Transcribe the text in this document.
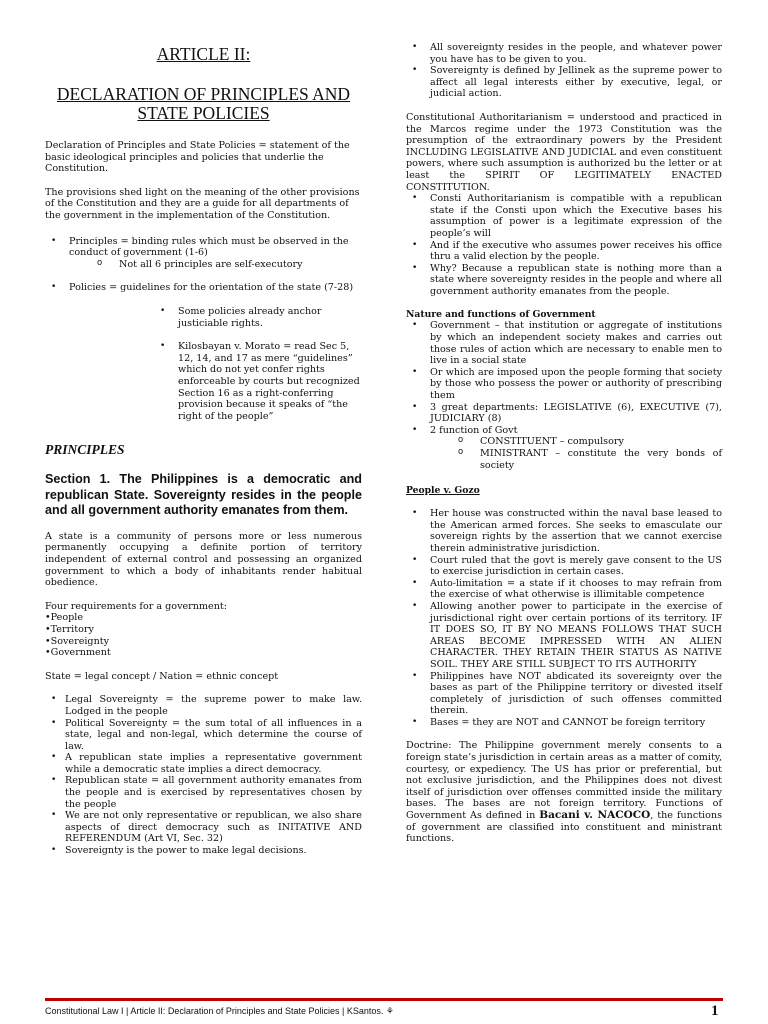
ARTICLE II:
DECLARATION OF PRINCIPLES AND STATE POLICIES

Declaration of Principles and State Policies = statement of the basic ideological principles and policies that underlie the Constitution.

The provisions shed light on the meaning of the other provisions of the Constitution and they are a guide for all departments of the government in the implementation of the Constitution.

• Principles = binding rules which must be observed in the conduct of government (1-6)
o Not all 6 principles are self-executory
• Policies = guidelines for the orientation of the state (7-28)
• Some policies already anchor justiciable rights.
• Kilosbayan v. Morato = read Sec 5, 12, 14, and 17 as mere “guidelines” which do not yet confer rights enforceable by courts but recognized Section 16 as a right-conferring provision because it speaks of “the right of the people”
PRINCIPLES
Section 1. The Philippines is a democratic and republican State. Sovereignty resides in the people and all government authority emanates from them.

A state is a community of persons more or less numerous permanently occupying a definite portion of territory independent of external control and possessing an organized government to which a body of inhabitants render habitual obedience.

Four requirements for a government:

•People
•Territory
•Sovereignty
•Government

State = legal concept / Nation = ethnic concept

• Legal Sovereignty = the supreme power to make law. Lodged in the people
• Political Sovereignty = the sum total of all influences in a state, legal and non-legal, which determine the course of law.
• A republican state implies a representative government while a democratic state implies a direct democracy.
• Republican state = all government authority emanates from the people and is exercised by representatives chosen by the people
• We are not only representative or republican, we also share aspects of direct democracy such as INITATIVE AND REFERENDUM (Art VI, Sec. 32)
• Sovereignty is the power to make legal decisions.
• All sovereignty resides in the people, and whatever power you have has to be given to you.
• Sovereignty is defined by Jellinek as the supreme power to affect all legal interests either by executive, legal, or judicial action.

Constitutional Authoritarianism = understood and practiced in the Marcos regime under the 1973 Constitution was the presumption of the extraordinary powers by the President INCLUDING LEGISLATIVE AND JUDICIAL and even constituent powers, where such assumption is authorized bu the letter or at least the SPIRIT OF LEGITIMATELY ENACTED CONSTITUTION.

• Consti Authoritarianism is compatible with a republican state if the Consti upon which the Executive bases his assumption of power is a legitimate expression of the people’s will
• And if the executive who assumes power receives his office thru a valid election by the people.
• Why? Because a republican state is nothing more than a state where sovereignty resides in the people and where all government authority emanates from the people.
Nature and functions of Government
• Government – that institution or aggregate of institutions by which an independent society makes and carries out those rules of action which are necessary to enable men to live in a social state
• Or which are imposed upon the people forming that society by those who possess the power or authority of prescribing them
• 3 great departments: LEGISLATIVE (6), EXECUTIVE (7), JUDICIARY (8)
• 2 function of Govt
o CONSTITUENT – compulsory
o MINISTRANT – constitute the very bonds of society
People v. Gozo
• Her house was constructed within the naval base leased to the American armed forces. She seeks to emasculate our sovereign rights by the assertion that we cannot exercise therein administrative jurisdiction.
• Court ruled that the govt is merely gave consent to the US to exercise jurisdiction in certain cases.
• Auto-limitation = a state if it chooses to may refrain from the exercise of what otherwise is illimitable competence
• Allowing another power to participate in the exercise of jurisdictional right over certain portions of its territory. IF IT DOES SO, IT BY NO MEANS FOLLOWS THAT SUCH AREAS BECOME IMPRESSED WITH AN ALIEN CHARACTER. THEY RETAIN THEIR STATUS AS NATIVE SOIL. THEY ARE STILL SUBJECT TO ITS AUTHORITY
• Philippines have NOT abdicated its sovereignty over the bases as part of the Philippine territory or divested itself completely of jurisdiction of such offenses committed therein.
• Bases = they are NOT and CANNOT be foreign territory

Doctrine: The Philippine government merely consents to a foreign state’s jurisdiction in certain areas as a matter of comity, courtesy, or expediency. The US has prior or preferential, but not exclusive jurisdiction, and the Philippines does not divest itself of jurisdiction over offenses committed inside the military bases. The bases are not foreign territory. Functions of Government As defined in Bacani v. NACOCO, the functions of government are classified into constituent and ministrant functions.

Constitutional Law I | Article II: Declaration of Principles and State Policies | KSantos. ⚘	1
